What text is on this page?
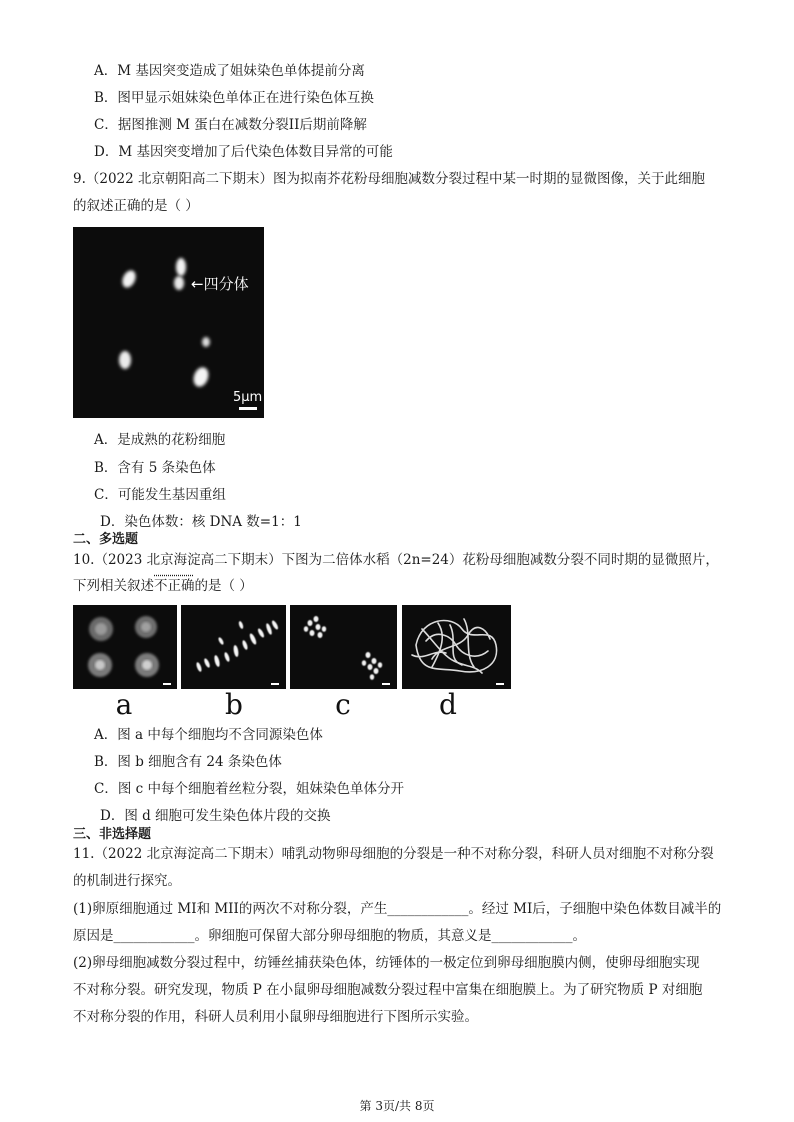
A．M 基因突变造成了姐妹染色单体提前分离
B．图甲显示姐妹染色单体正在进行染色体互换
C．据图推测 M 蛋白在减数分裂II后期前降解
D．M 基因突变增加了后代染色体数目异常的可能
9.（2022 北京朝阳高二下期末）图为拟南芥花粉母细胞减数分裂过程中某一时期的显微图像，关于此细胞
的叙述正确的是（ ）
←四分体
5μm
A．是成熟的花粉细胞
B．含有 5 条染色体
C．可能发生基因重组
D．染色体数：核 DNA 数=1：1
二、多选题
10.（2023 北京海淀高二下期末）下图为二倍体水稻（2n=24）花粉母细胞减数分裂不同时期的显微照片，
下列相关叙述不正确的是（ ）
a	b	c	d
A．图 a 中每个细胞均不含同源染色体
B．图 b 细胞含有 24 条染色体
C．图 c 中每个细胞着丝粒分裂，姐妹染色单体分开
D．图 d 细胞可发生染色体片段的交换
三、非选择题
11.（2022 北京海淀高二下期末）哺乳动物卵母细胞的分裂是一种不对称分裂，科研人员对细胞不对称分裂
的机制进行探究。
(1)卵原细胞通过 MI和 MII的两次不对称分裂，产生____________。经过 MI后，子细胞中染色体数目减半的
原因是____________。卵细胞可保留大部分卵母细胞的物质，其意义是____________。
(2)卵母细胞减数分裂过程中，纺锤丝捕获染色体，纺锤体的一极定位到卵母细胞膜内侧，使卵母细胞实现
不对称分裂。研究发现，物质 P 在小鼠卵母细胞减数分裂过程中富集在细胞膜上。为了研究物质 P 对细胞
不对称分裂的作用，科研人员利用小鼠卵母细胞进行下图所示实验。
第 3页/共 8页
